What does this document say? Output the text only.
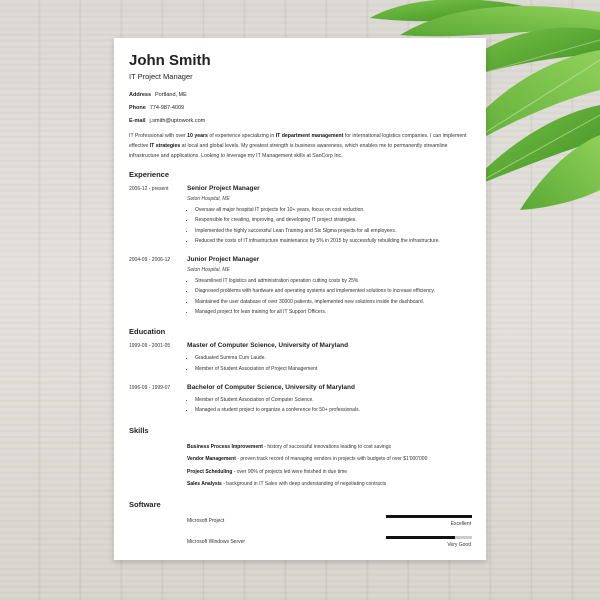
John Smith
IT Project Manager
Address Portland, ME
Phone 774-987-4009
E-mail j.smith@uptowork.com
IT Professional with over 10 years of experience specializing in IT department management for international logistics companies. I can implement effective IT strategies at local and global levels. My greatest strength is business awareness, which enables me to permanently streamline infrastructure and applications. Looking to leverage my IT Management skills at SanCorp Inc.
Experience
2006-12 - present	Senior Project Manager
Seton Hospital, ME
• Oversaw all major hospital IT projects for 10+ years, focus on cost reduction.
• Responsible for creating, improving, and developing IT project strategies.
• Implemented the highly successful Lean Training and Six Sigma projects for all employees.
• Reduced the costs of IT infrastructure maintenance by 5% in 2015 by successfully rebuilding the infrastructure.
2004-09 - 2006-12	Junior Project Manager
Seton Hospital, ME
• Streamlined IT logistics and administration operation cutting costs by 25%
• Diagnosed problems with hardware and operating systems and implemented solutions to increase efficiency.
• Maintained the user database of over 30000 patients, implemented new solutions inside the dashboard.
• Managed project for lean training for all IT Support Officers.
Education
1999-09 - 2001-05	Master of Computer Science, University of Maryland
• Graduated Summa Cum Laude.
• Member of Student Association of Project Management
1996-09 - 1999-07	Bachelor of Computer Science, University of Maryland
• Member of Student Association of Computer Science.
• Managed a student project to organize a conference for 50+ professionals.
Skills
Business Process Improvement - history of successful innovations leading to cost savings
Vendor Management - proven track record of managing vendors in projects with budgets of over $1'000'000
Project Scheduling - over 90% of projects led were finished in due time
Sales Analysis - background in IT Sales with deep understanding of negotiating contracts
Software
Microsoft Project	Excellent
Microsoft Windows Server	Very Good
